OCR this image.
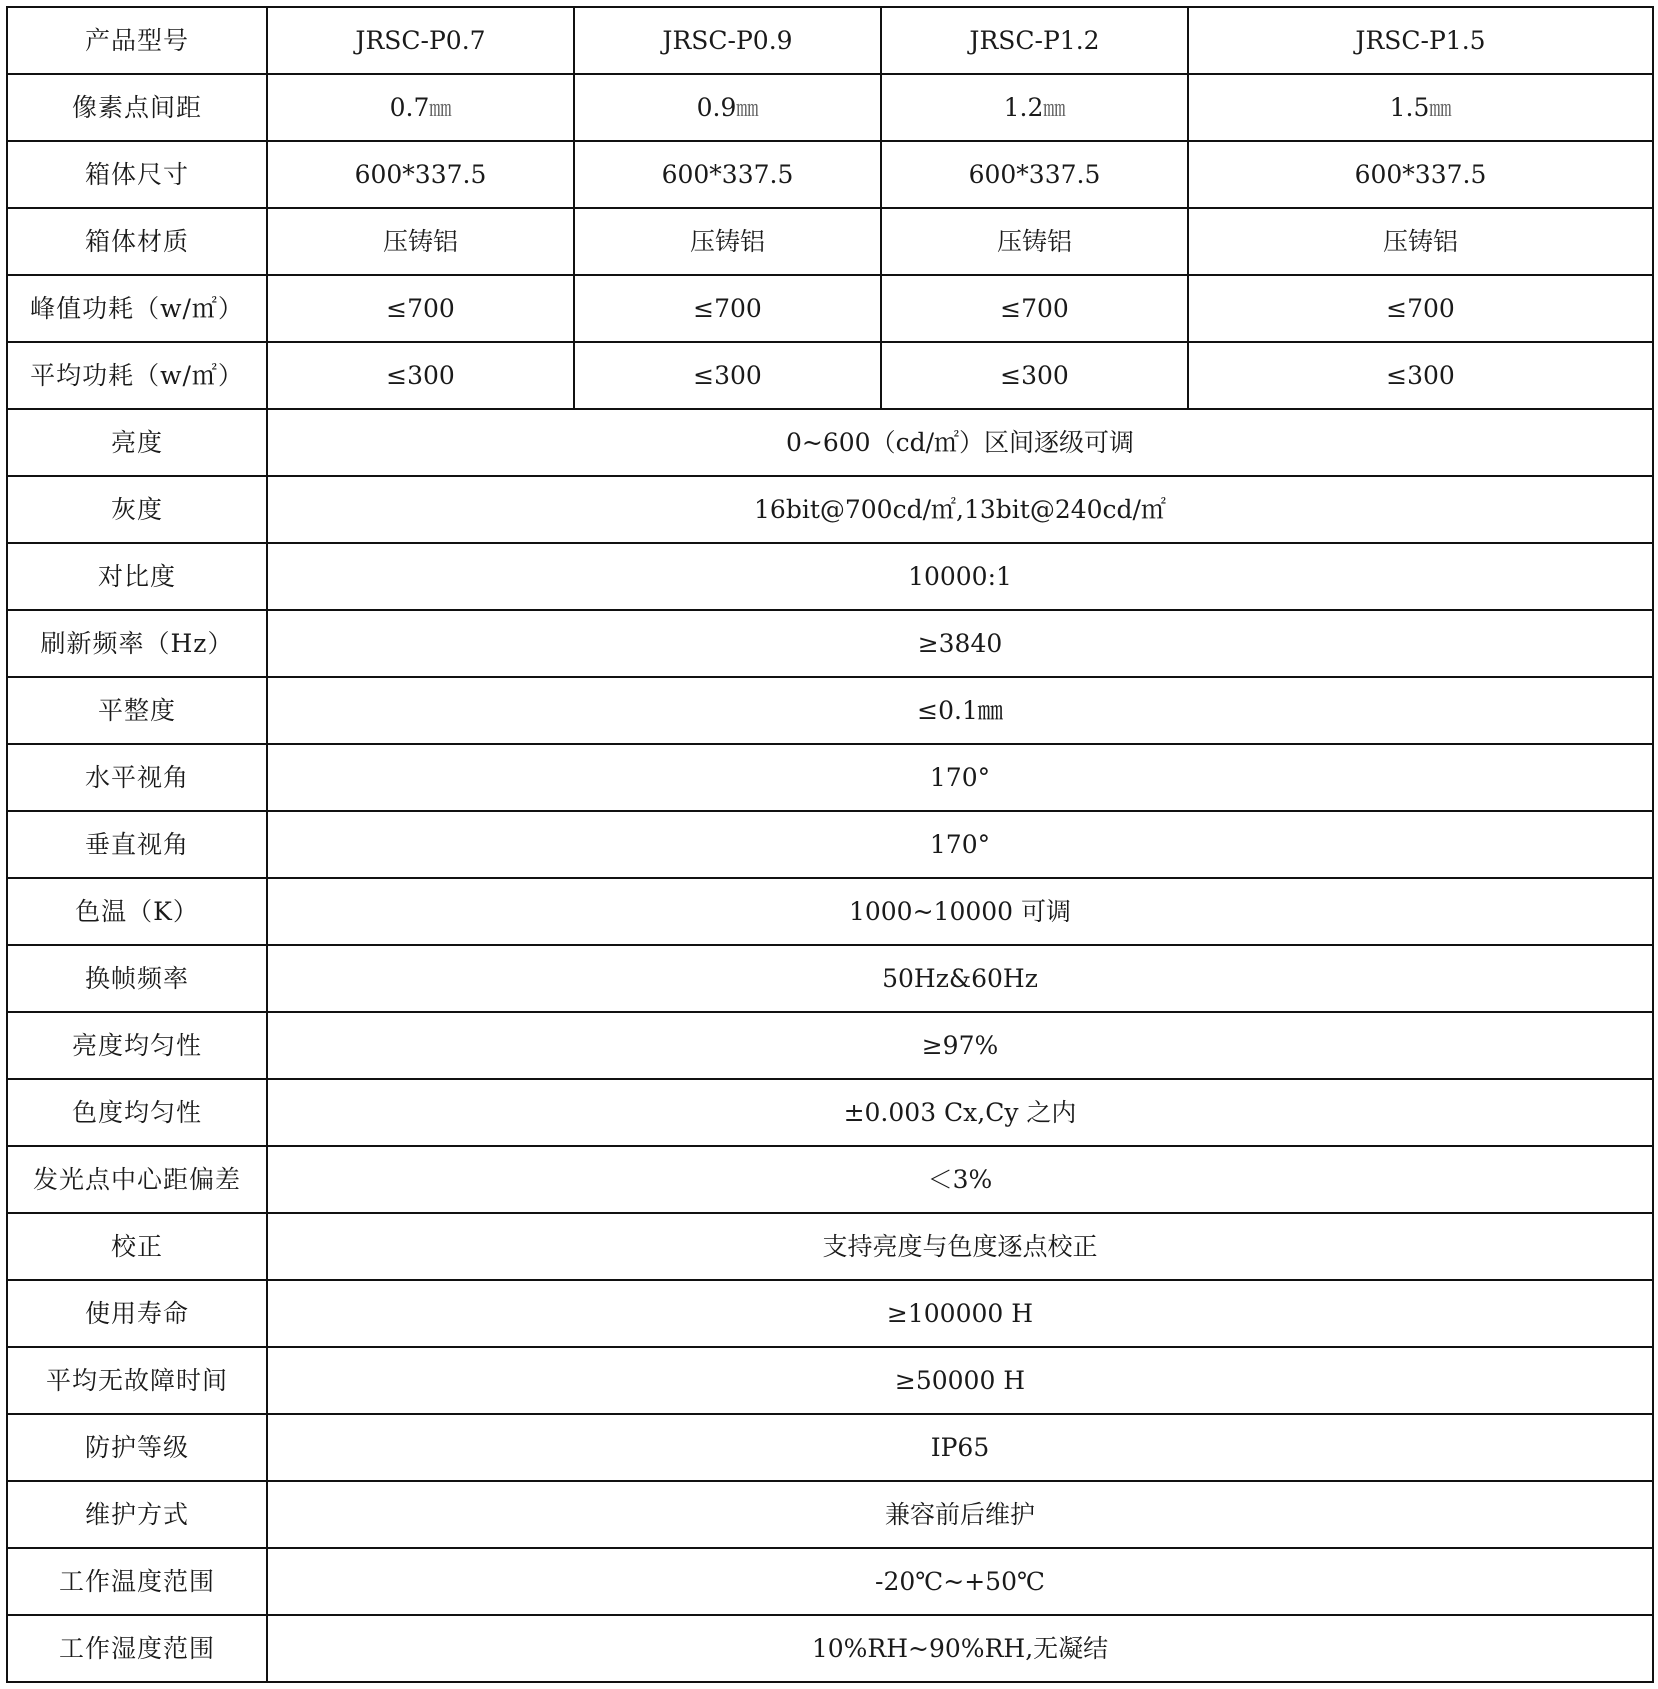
产品型号	JRSC-P0.7	JRSC-P0.9	JRSC-P1.2	JRSC-P1.5
像素点间距	0.7㎜	0.9㎜	1.2㎜	1.5㎜
箱体尺寸	600*337.5	600*337.5	600*337.5	600*337.5
箱体材质	压铸铝	压铸铝	压铸铝	压铸铝
峰值功耗（w/㎡）	≤700	≤700	≤700	≤700
平均功耗（w/㎡）	≤300	≤300	≤300	≤300
亮度	0~600（cd/㎡）区间逐级可调			
灰度	16bit@700cd/㎡,13bit@240cd/㎡			
对比度	10000:1			
刷新频率（Hz）	≥3840			
平整度	≤0.1㎜			
水平视角	170°			
垂直视角	170°			
色温（K）	1000~10000 可调			
换帧频率	50Hz&60Hz			
亮度均匀性	≥97%			
色度均匀性	±0.003 Cx,Cy 之内			
发光点中心距偏差	＜3%			
校正	支持亮度与色度逐点校正			
使用寿命	≥100000 H			
平均无故障时间	≥50000 H			
防护等级	IP65			
维护方式	兼容前后维护			
工作温度范围	-20℃~+50℃			
工作湿度范围	10%RH~90%RH,无凝结			
